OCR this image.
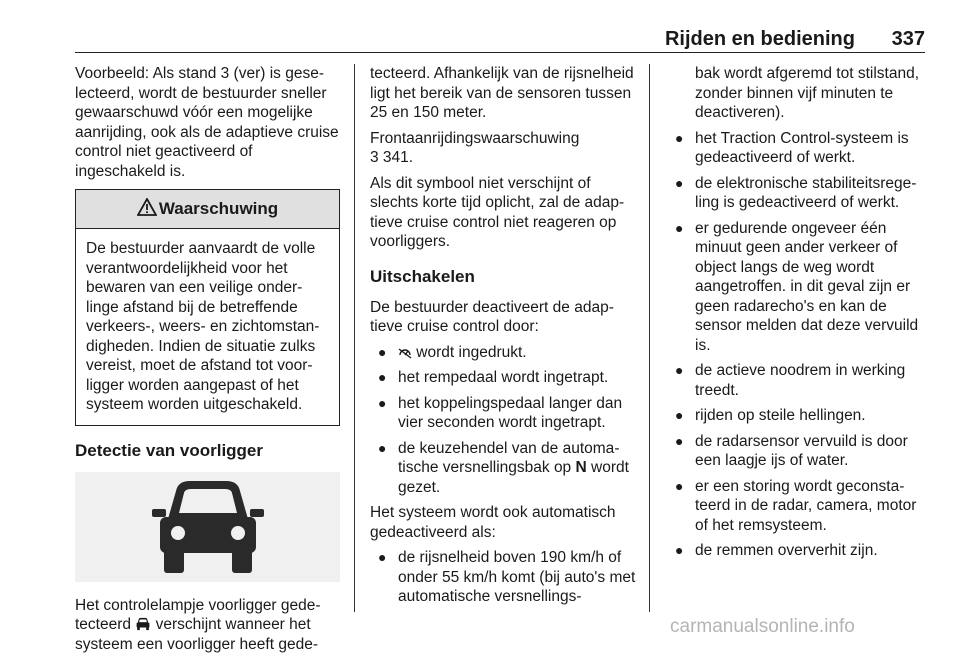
Rijden en bediening 337

Voorbeeld: Als stand 3 (ver) is geselecteerd, wordt de bestuurder sneller gewaarschuwd vóór een mogelijke aanrijding, ook als de adaptieve cruise control niet geactiveerd of ingeschakeld is.

Waarschuwing
De bestuurder aanvaardt de volle verantwoordelijkheid voor het bewaren van een veilige onderlinge afstand bij de betreffende verkeers-, weers- en zichtomstandigheden. Indien de situatie zulks vereist, moet de afstand tot voorligger worden aangepast of het systeem worden uitgeschakeld.
Detectie van voorligger

Het controlelampje voorligger gedetecteerd  verschijnt wanneer het systeem een voorligger heeft gede-

tecteerd. Afhankelijk van de rijsnelheid ligt het bereik van de sensoren tussen 25 en 150 meter.

Frontaanrijdingswaarschuwing
3 341.

Als dit symbool niet verschijnt of slechts korte tijd oplicht, zal de adaptieve cruise control niet reageren op voorliggers.

Uitschakelen

De bestuurder deactiveert de adaptieve cruise control door:

● wordt ingedrukt.
● het rempedaal wordt ingetrapt.
● het koppelingspedaal langer dan vier seconden wordt ingetrapt.
● de keuzehendel van de automatische versnellingsbak op N wordt gezet.

Het systeem wordt ook automatisch gedeactiveerd als:

● de rijsnelheid boven 190 km/h of onder 55 km/h komt (bij auto's met automatische versnellings-

bak wordt afgeremd tot stilstand, zonder binnen vijf minuten te deactiveren).

● het Traction Control-systeem is gedeactiveerd of werkt.
● de elektronische stabiliteitsregeling is gedeactiveerd of werkt.
● er gedurende ongeveer één minuut geen ander verkeer of object langs de weg wordt aangetroffen. in dit geval zijn er geen radarecho's en kan de sensor melden dat deze vervuild is.
● de actieve noodrem in werking treedt.
● rijden op steile hellingen.
● de radarsensor vervuild is door een laagje ijs of water.
● er een storing wordt geconstateerd in de radar, camera, motor of het remsysteem.
● de remmen oververhit zijn.
carmanualsonline.info
